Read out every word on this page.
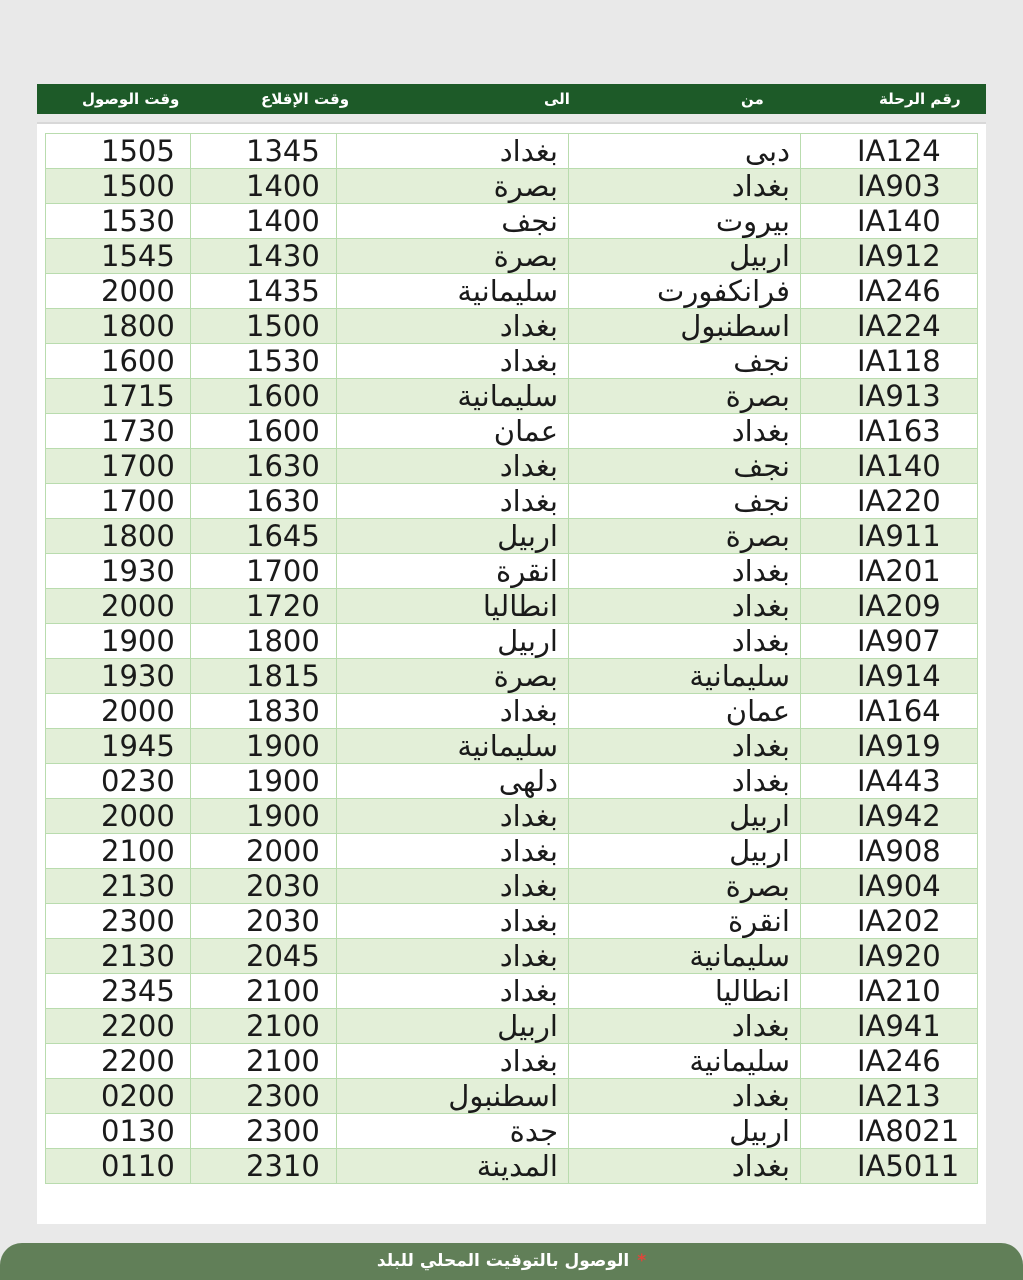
وقت الوصول	وقت الإقلاع	الى	من	رقم الرحلة
1505	1345	بغداد	دبى	IA124
1500	1400	بصرة	بغداد	IA903
1530	1400	نجف	بيروت	IA140
1545	1430	بصرة	اربيل	IA912
2000	1435	سليمانية	فرانكفورت	IA246
1800	1500	بغداد	اسطنبول	IA224
1600	1530	بغداد	نجف	IA118
1715	1600	سليمانية	بصرة	IA913
1730	1600	عمان	بغداد	IA163
1700	1630	بغداد	نجف	IA140
1700	1630	بغداد	نجف	IA220
1800	1645	اربيل	بصرة	IA911
1930	1700	انقرة	بغداد	IA201
2000	1720	انطاليا	بغداد	IA209
1900	1800	اربيل	بغداد	IA907
1930	1815	بصرة	سليمانية	IA914
2000	1830	بغداد	عمان	IA164
1945	1900	سليمانية	بغداد	IA919
0230	1900	دلهى	بغداد	IA443
2000	1900	بغداد	اربيل	IA942
2100	2000	بغداد	اربيل	IA908
2130	2030	بغداد	بصرة	IA904
2300	2030	بغداد	انقرة	IA202
2130	2045	بغداد	سليمانية	IA920
2345	2100	بغداد	انطاليا	IA210
2200	2100	اربيل	بغداد	IA941
2200	2100	بغداد	سليمانية	IA246
0200	2300	اسطنبول	بغداد	IA213
0130	2300	جدة	اربيل	IA8021
0110	2310	المدينة	بغداد	IA5011
*الوصول بالتوقيت المحلي للبلد
